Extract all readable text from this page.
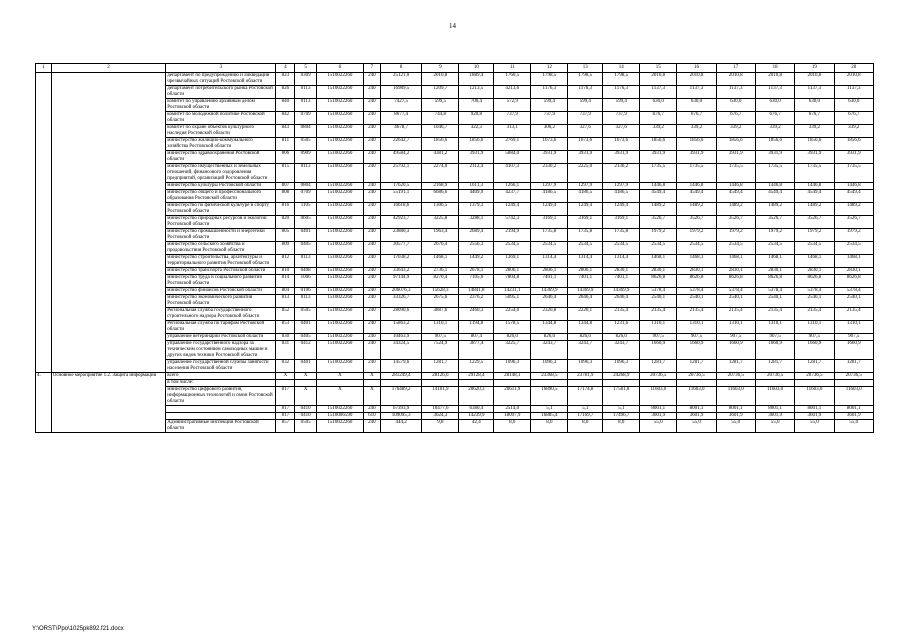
14
1	2	3	4	5	6	7	8	9	10	11	12	13	14	15	16	17	18	19	20
		департамент по предупреждению и ликвидации чрезвычайных ситуаций Ростовской области	823	0309	1510022260	240	25121,0	2010,8	1889,4	1760,5	1798,5	1798,5	1798,5	2010,8	2010,8	2010,8	2010,8	2010,8	2010,8
		департамент потребительского рынка Ростовской области	826	0113	1510022260	240	16989,5	1209,7	1213,5	4213,6	1176,3	1176,3	1176,3	1137,3	1137,3	1137,3	1137,3	1137,3	1137,3
		комитет по управлению архивным делом Ростовской области	840	0113	1510022260	240	7427,5	599,5	700,4	572,9	599,4	599,4	599,4	630,0	630,0	630,0	630,0	630,0	630,0
		комитет по молодежной политике Ростовской области	842	0709	1510022260	240	8677,4	744,8	920,8	737,9	737,9	737,9	737,9	676,7	676,7	676,7	676,7	676,7	676,7
		комитет по охране объектов культурного наследия Ростовской области	843	0804	1510022260	240	4678,7	1046,7	322,3	313,1	306,2	327,6	327,6	339,2	339,2	339,2	339,2	339,2	339,2
		министерство жилищно-коммунального хозяйства Ростовской области	811	0505	1510022260	240	22642,7	1856,6	1856,6	2769,1	1673,6	1673,6	1673,6	1856,6	1856,6	1856,6	1856,6	1856,6	1856,6
		министерство здравоохранения Ростовской области	806	0909	1510022260	240	49584,2	4381,2	3931,9	5884,0	3931,9	3931,9	3931,9	3931,9	3931,9	3931,9	3931,9	3931,9	3931,9
		министерство имущественных и земельных отношений, финансового оздоровления предприятий, организаций Ростовской области	815	0113	1510022260	240	25792,1	2274,0	2112,4	4107,3	2330,2	2225,0	2130,2	1735,5	1735,5	1735,5	1735,5	1735,5	1735,5
		министерство культуры Ростовской области	807	0804	1510022260	240	17620,5	2168,9	1611,3	1266,1	1297,9	1297,9	1297,9	1446,8	1446,8	1446,8	1446,8	1446,8	1446,8
		министерство общего и профессионального образования Ростовской области	808	0709	1510022260	240	55191,1	6686,6	4409,9	4237,7	4186,5	4186,5	4186,5	4549,4	4549,4	4549,4	4549,4	4549,4	4549,4
		министерство по физической культуре и спорту Ростовской области	816	1105	1510022260	240	16618,6	1306,5	1379,3	1249,4	1249,4	1249,4	1249,4	1489,2	1489,2	1489,2	1489,2	1489,2	1489,2
		министерство природных ресурсов и экологии Ростовской области	820	0605	1510022260	240	42923,7	3225,8	3288,1	5742,3	3169,1	3169,1	3169,1	3526,7	3526,7	3526,7	3526,7	3526,7	3526,7
		министерство промышленности и энергетики Ростовской области	805	0401	1510022260	240	23880,3	1963,4	2689,4	2194,9	1735,8	1735,8	1735,8	1979,2	1979,2	1979,2	1979,2	1979,2	1979,2
		министерство сельского хозяйства и продовольствия Ростовской области	809	0405	1510022260	240	30577,7	2676,4	2556,3	2534,5	2534,5	2534,5	2534,5	2534,5	2534,5	2534,5	2534,5	2534,5	2534,5
		министерство строительства, архитектуры и территориального развития Ростовской области	812	0113	1510022260	240	17038,2	1468,1	1449,2	1369,1	1314,4	1314,4	1314,4	1468,1	1468,1	1468,1	1468,1	1468,1	1468,1
		министерство транспорта Ростовской области	810	0408	1510022260	240	33643,2	2736,1	2678,1	2806,1	2806,1	2806,1	2830,1	2830,1	2830,1	2830,1	2830,1	2830,1	2830,1
		министерство труда и социального развития Ростовской области	814	1006	1510022260	240	97144,9	8270,4	7105,6	7804,8	7401,1	7401,1	7401,1	8626,8	8626,8	8626,8	8626,8	8626,8	8626,8
		министерство финансов Ростовской области	804	0106	1510022260	240	206076,3	15628,3	14841,8	14231,1	14369,9	14369,9	14369,9	5378,4	5378,4	5378,4	5378,4	5378,4	5378,4
		министерство экономического развития Ростовской области	813	0113	1510022260	240	33326,7	2675,6	2376,2	5095,1	2646,4	2646,4	2646,4	2540,1	2540,1	2540,1	2540,1	2540,1	2540,1
		Региональная служба государственного строительного надзора Ростовской области	852	0505	1510022260	240	28090,6	3887,6	2460,3	2254,0	2320,8	2220,1	2135,4	2135,4	2135,4	2135,4	2135,4	2135,4	2135,4
		Региональная служба по тарифам Ростовской области	853	0401	1510022260	240	15863,2	1310,1	1194,8	1578,5	1344,8	1344,8	1231,6	1310,1	1310,1	1310,1	1310,1	1310,1	1310,1
		управление ветеринарии Ростовской области	830	0405	1510022260	240	10463,9	907,5	807,4	826,0	826,0	826,0	826,0	907,5	907,5	907,5	907,5	907,5	907,5
		управление государственного надзора за техническим состоянием самоходных машин и других видов техники Ростовской области	831	0412	1510022260	240	34324,5	7524,9	3877,4	3225,7	3243,7	3243,7	3243,7	1660,9	1660,9	1660,9	1660,9	1660,9	1660,9
		управление государственной службы занятости населения Ростовской области	832	0401	1510022260	240	14579,6	1281,7	1229,5	1096,3	1096,3	1096,3	1096,3	1281,7	1281,7	1281,7	1281,7	1281,7	1281,7
4.	Основное мероприятие 1.2. Защита информации	всего	X	X	X	X	281249,4	28126,6	29128,4	28148,1	23368,5	23781,9	24268,9	20736,5	20736,5	20736,5	20736,5	20736,5	20736,5
		в том числе:																	
		министерство цифрового развития, информационных технологий и связи Ростовской области	817	X	X	X	176489,2	14101,9	20620,3	20611,9	16890,5	17174,8	17581,8	11603,0	11603,0	11603,0	11603,0	11603,0	11603,0
			817	0410	1510022260	240	67393,9	10477,6	6380,4	2514,0	5,1	5,1	5,1	8001,1	8001,1	8001,1	8001,1	8001,1	8001,1
			817	0410	1510006590	610	109095,3	3624,3	14239,9	18097,9	16885,4	17169,7	17496,7	3601,9	3601,9	3601,9	3601,9	3601,9	3601,9
		Административные инспекции Ростовской области	857	0505	1510022260	240	444,2	9,8	42,4	8,0	8,0	8,0	8,0	55,0	55,0	55,0	55,0	55,0	55,0
Y:\ORST\Ppo\1025pk892.f21.docx
